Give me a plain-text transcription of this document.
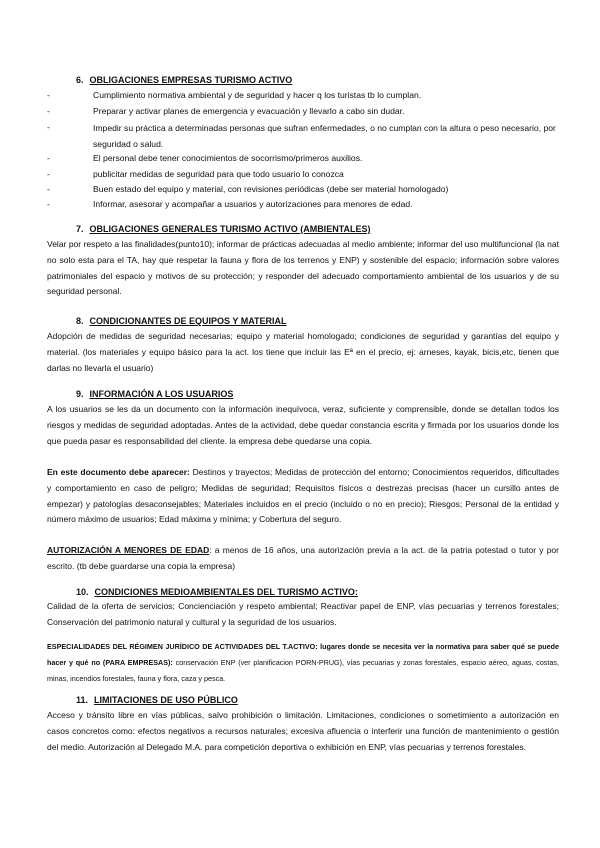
6. OBLIGACIONES EMPRESAS TURISMO ACTIVO
-	Cumplimiento normativa ambiental y de seguridad y hacer q los turistas tb lo cumplan.
-	Preparar y activar planes de emergencia y evacuación y llevarlo a cabo sin dudar.
-	Impedir su práctica a determinadas personas que sufran enfermedades, o no cumplan con la altura o peso necesario, por seguridad o salud.
-	El personal debe tener conocimientos de socorrismo/primeros auxilios.
-	publicitar medidas de seguridad para que todo usuario lo conozca
-	Buen estado del equipo y material, con revisiones periódicas (debe ser material homologado)
-	Informar, asesorar y acompañar a usuarios y autorizaciones para menores de edad.
7. OBLIGACIONES GENERALES TURISMO ACTIVO (AMBIENTALES)
Velar por respeto a las finalidades(punto10); informar de prácticas adecuadas al medio ambiente; informar del uso multifuncional (la nat no solo esta para el TA, hay que respetar la fauna y flora de los terrenos y ENP) y sostenible del espacio; información sobre valores patrimoniales del espacio y motivos de su protección; y responder del adecuado comportamiento ambiental de los usuarios y de su seguridad personal.
8. CONDICIONANTES DE EQUIPOS Y MATERIAL
Adopción de medidas de seguridad necesarias; equipo y material homologado; condiciones de seguridad y garantías del equipo y material. (los materiales y equipo básico para la act. los tiene que incluir las Eª en el precio, ej: arneses, kayak, bicis,etc, tienen que darlas no llevarla el usuario)
9. INFORMACIÓN A LOS USUARIOS
A los usuarios se les da un documento con la información inequívoca, veraz, suficiente y comprensible, donde se detallan todos los riesgos y medidas de seguridad adoptadas. Antes de la actividad, debe quedar constancia escrita y firmada por los usuarios donde los que pueda pasar es responsabilidad del cliente. la empresa debe quedarse una copia.
En este documento debe aparecer: Destinos y trayectos; Medidas de protección del entorno; Conocimientos requeridos, dificultades y comportamiento en caso de peligro; Medidas de seguridad; Requisitos físicos o destrezas precisas (hacer un cursillo antes de empezar) y patologías desaconsejables; Materiales incluidos en el precio (incluido o no en precio); Riesgos; Personal de la entidad y número máximo de usuarios; Edad máxima y mínima; y Cobertura del seguro.
AUTORIZACIÓN A MENORES DE EDAD: a menos de 16 años, una autorización previa a la act. de la patria potestad o tutor y por escrito. (tb debe guardarse una copia la empresa)
10. CONDICIONES MEDIOAMBIENTALES DEL TURISMO ACTIVO:
Calidad de la oferta de servicios; Concienciación y respeto ambiental; Reactivar papel de ENP, vías pecuarias y terrenos forestales; Conservación del patrimonio natural y cultural y la seguridad de los usuarios.
ESPECIALIDADES DEL RÉGIMEN JURÍDICO DE ACTIVIDADES DEL T.ACTIVO: lugares donde se necesita ver la normativa para saber qué se puede hacer y qué no (PARA EMPRESAS): conservación ENP (ver planificacion PORN-PRUG), vías pecuarias y zonas forestales, espacio aéreo, aguas, costas, minas, incendios forestales, fauna y flora, caza y pesca.
11. LIMITACIONES DE USO PÚBLICO
Acceso y tránsito libre en vías públicas, salvo prohibición o limitación. Limitaciones, condiciones o sometimiento a autorización en casos concretos como: efectos negativos a recursos naturales; excesiva afluencia o interferir una función de mantenimiento o gestión del medio. Autorización al Delegado M.A. para competición deportiva o exhibición en ENP, vías pecuarias y terrenos forestales.
